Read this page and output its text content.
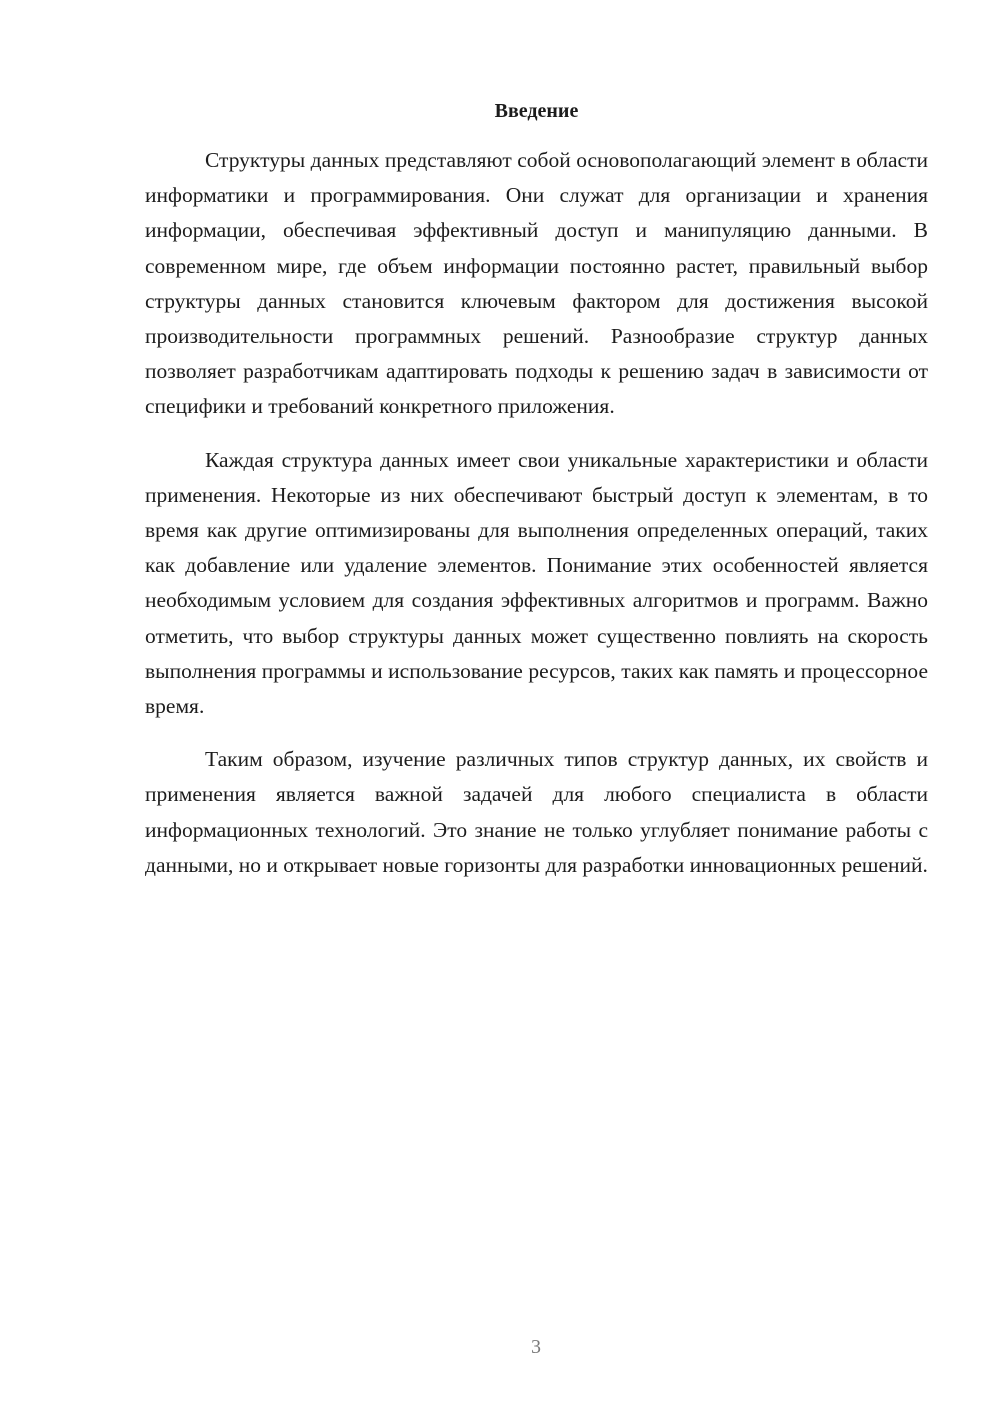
Введение

Структуры данных представляют собой основополагающий элемент в области информатики и программирования. Они служат для организации и хранения информации, обеспечивая эффективный доступ и манипуляцию данными. В современном мире, где объем информации постоянно растет, правильный выбор структуры данных становится ключевым фактором для достижения высокой производительности программных решений. Разнообразие структур данных позволяет разработчикам адаптировать подходы к решению задач в зависимости от специфики и требований конкретного приложения.

Каждая структура данных имеет свои уникальные характеристики и области применения. Некоторые из них обеспечивают быстрый доступ к элементам, в то время как другие оптимизированы для выполнения определенных операций, таких как добавление или удаление элементов. Понимание этих особенностей является необходимым условием для создания эффективных алгоритмов и программ. Важно отметить, что выбор структуры данных может существенно повлиять на скорость выполнения программы и использование ресурсов, таких как память и процессорное время.

Таким образом, изучение различных типов структур данных, их свойств и применения является важной задачей для любого специалиста в области информационных технологий. Это знание не только углубляет понимание работы с данными, но и открывает новые горизонты для разработки инновационных решений.

3
